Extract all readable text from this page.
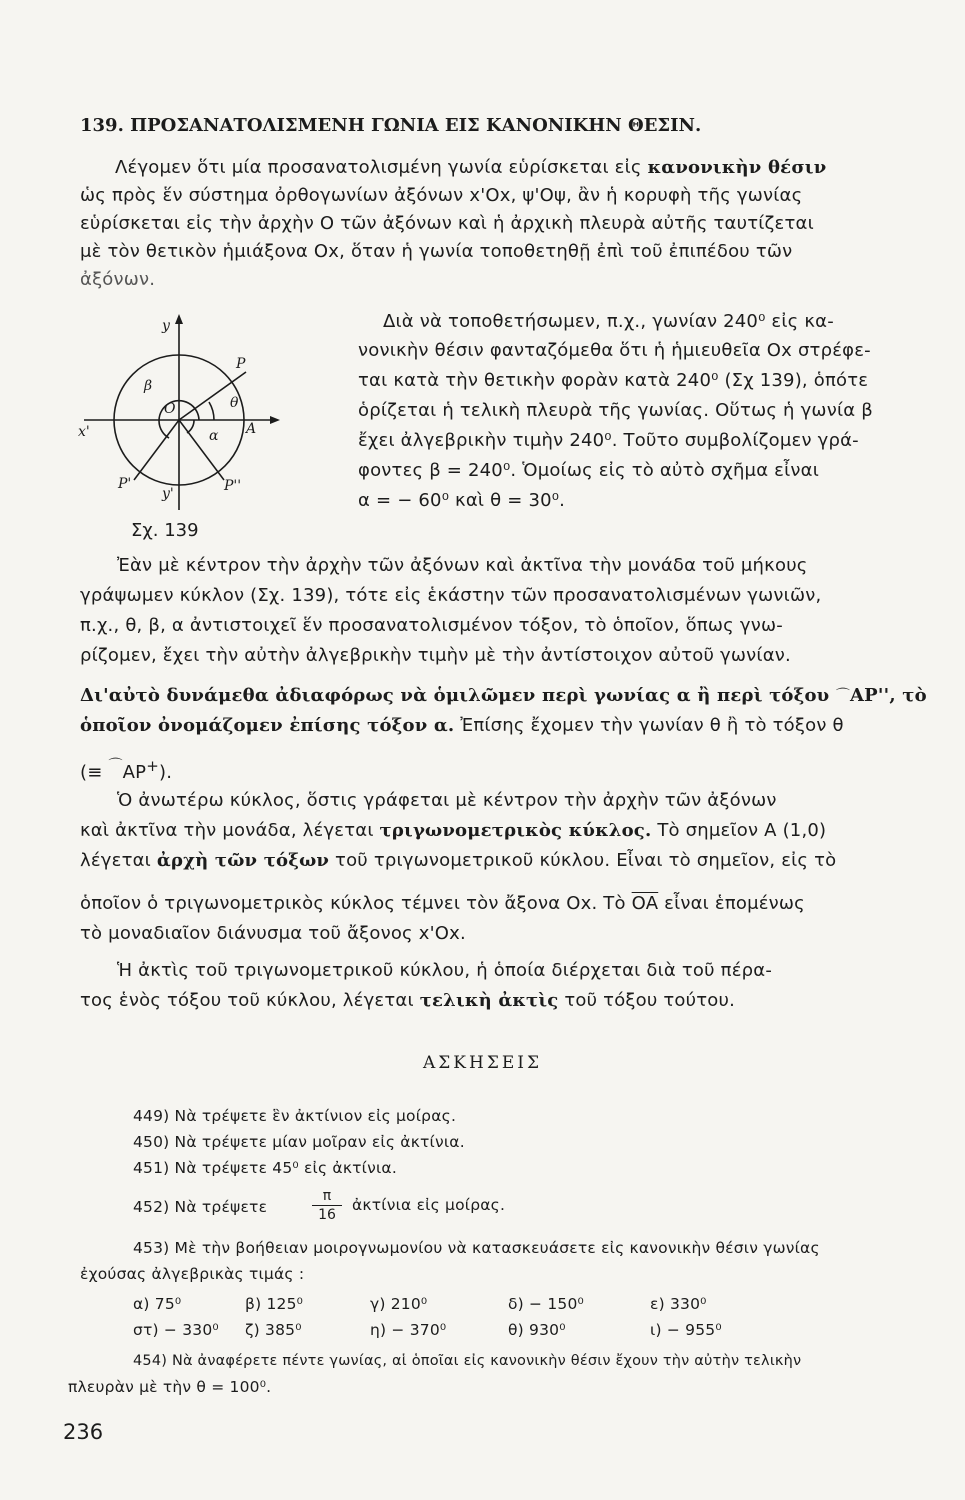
139. ΠΡΟΣΑΝΑΤΟΛΙΣΜΕΝΗ ΓΩΝΙΑ ΕΙΣ ΚΑΝΟΝΙΚΗΝ ΘΕΣΙΝ.
Λέγομεν ὅτι μία προσανατολισμένη γωνία εὑρίσκεται εἰς κανονικὴν θέσιν
ὡς πρὸς ἕν σύστημα ὀρθογωνίων ἀξόνων x'Ox, ψ'Oψ, ἂν ἡ κορυφὴ τῆς γωνίας
εὑρίσκεται εἰς τὴν ἀρχὴν O τῶν ἀξόνων καὶ ἡ ἀρχικὴ πλευρὰ αὐτῆς ταυτίζεται
μὲ τὸν θετικὸν ἡμιάξονα Ox, ὅταν ἡ γωνία τοποθετηθῇ ἐπὶ τοῦ ἐπιπέδου τῶν
ἀξόνων.
y
y'
x'
O
A
P
P'	P''
θ
α
β
Σχ. 139
Διὰ νὰ τοποθετήσωμεν, π.χ., γωνίαν 240⁰ εἰς κα-
νονικὴν θέσιν φανταζόμεθα ὅτι ἡ ἡμιευθεῖα Ox στρέφε-
ται κατὰ τὴν θετικὴν φορὰν κατὰ 240⁰ (Σχ 139), ὁπότε
ὁρίζεται ἡ τελικὴ πλευρὰ τῆς γωνίας. Οὕτως ἡ γωνία β
ἔχει ἀλγεβρικὴν τιμὴν 240⁰. Τοῦτο συμβολίζομεν γρά-
φοντες β = 240⁰. Ὁμοίως εἰς τὸ αὐτὸ σχῆμα εἶναι
α = − 60⁰ καὶ θ = 30⁰.
Ἐὰν μὲ κέντρον τὴν ἀρχὴν τῶν ἀξόνων καὶ ἀκτῖνα τὴν μονάδα τοῦ μήκους
γράψωμεν κύκλον (Σχ. 139), τότε εἰς ἑκάστην τῶν προσανατολισμένων γωνιῶν,
π.χ., θ, β, α ἀντιστοιχεῖ ἕν προσανατολισμένον τόξον, τὸ ὁποῖον, ὅπως γνω-
ρίζομεν, ἔχει τὴν αὐτὴν ἀλγεβρικὴν τιμὴν μὲ τὴν ἀντίστοιχον αὐτοῦ γωνίαν.
Δι'αὐτὸ δυνάμεθα ἀδιαφόρως νὰ ὁμιλῶμεν περὶ γωνίας α ἢ περὶ τόξου ⌒AP'', τὸ
ὁποῖον ὀνομάζομεν ἐπίσης τόξον α. Ἐπίσης ἔχομεν τὴν γωνίαν θ ἢ τὸ τόξον θ
(≡ ⌒AP+).
Ὁ ἀνωτέρω κύκλος, ὅστις γράφεται μὲ κέντρον τὴν ἀρχὴν τῶν ἀξόνων
καὶ ἀκτῖνα τὴν μονάδα, λέγεται τριγωνομετρικὸς κύκλος. Τὸ σημεῖον A (1,0)
λέγεται ἀρχὴ τῶν τόξων τοῦ τριγωνομετρικοῦ κύκλου. Εἶναι τὸ σημεῖον, εἰς τὸ
ὁποῖον ὁ τριγωνομετρικὸς κύκλος τέμνει τὸν ἄξονα Ox. Τὸ $\overline{OA}$ εἶναι ἑπομένως
τὸ μοναδιαῖον διάνυσμα τοῦ ἄξονος x'Ox.
Ἡ ἀκτὶς τοῦ τριγωνομετρικοῦ κύκλου, ἡ ὁποία διέρχεται διὰ τοῦ πέρα-
τος ἑνὸς τόξου τοῦ κύκλου, λέγεται τελικὴ ἀκτὶς τοῦ τόξου τούτου.
ΑΣΚΗΣΕΙΣ
449) Νὰ τρέψετε ἓν ἀκτίνιον εἰς μοίρας.
450) Νὰ τρέψετε μίαν μοῖραν εἰς ἀκτίνια.
451) Νὰ τρέψετε 45⁰ εἰς ἀκτίνια.
452) Νὰ τρέψετε
π
16
ἀκτίνια εἰς μοίρας.
453) Μὲ τὴν βοήθειαν μοιρογνωμονίου νὰ κατασκευάσετε εἰς κανονικὴν θέσιν γωνίας
ἐχούσας ἀλγεβρικὰς τιμάς :
α) 75⁰	β) 125⁰	γ) 210⁰	δ) − 150⁰	ε) 330⁰
στ) − 330⁰ ζ) 385⁰	η) − 370⁰	θ) 930⁰	ι) − 955⁰
454) Νὰ ἀναφέρετε πέντε γωνίας, αἱ ὁποῖαι εἰς κανονικὴν θέσιν ἔχουν τὴν αὐτὴν τελικὴν
πλευρὰν μὲ τὴν θ = 100⁰.
236
